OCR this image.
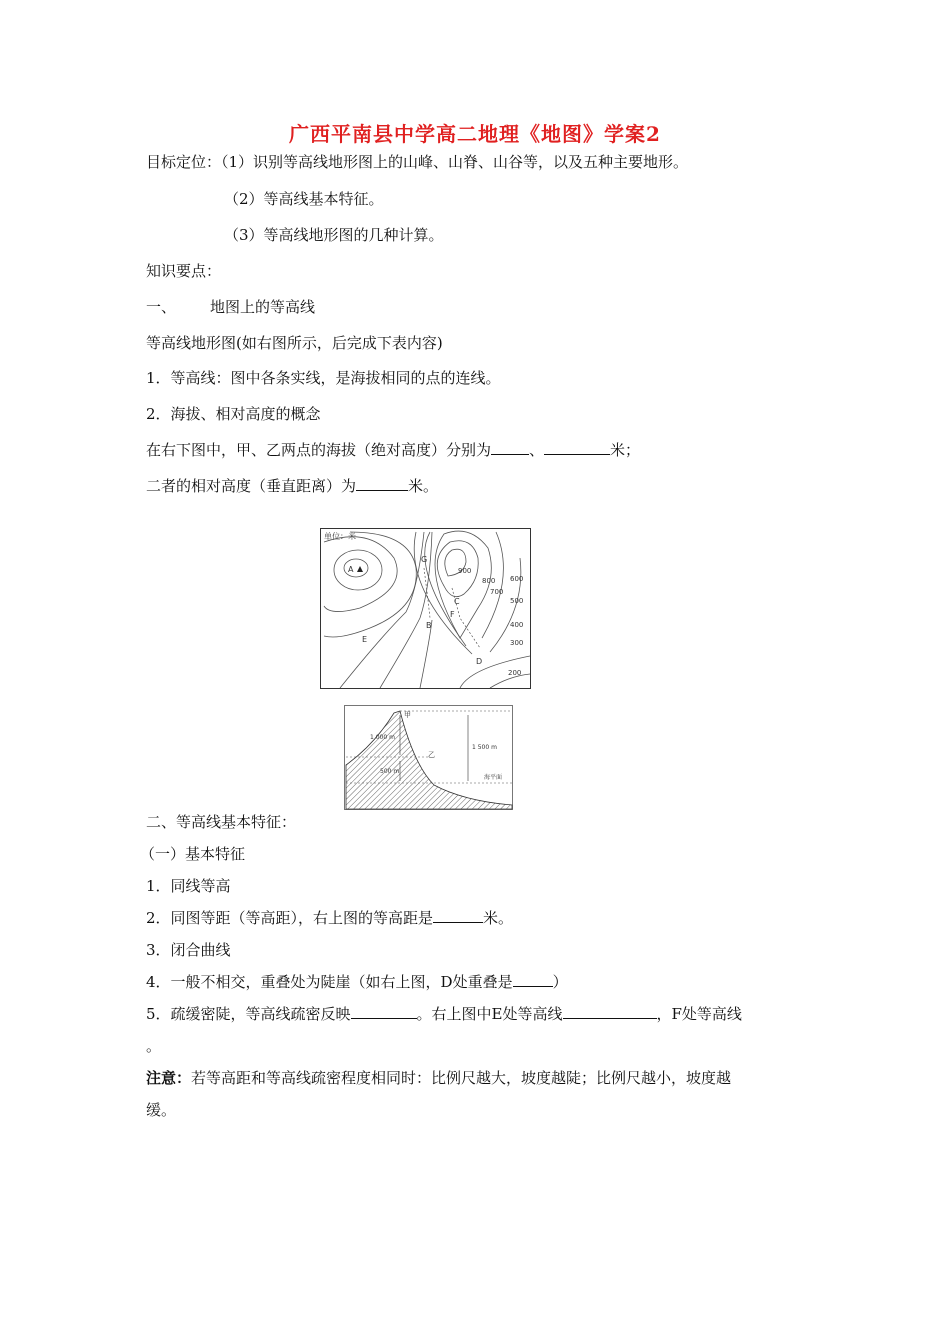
广西平南县中学高二地理《地图》学案2
目标定位：（1）识别等高线地形图上的山峰、山脊、山谷等，以及五种主要地形。
（2）等高线基本特征。
（3）等高线地形图的几种计算。
知识要点：
一、 地图上的等高线
等高线地形图(如右图所示，后完成下表内容)
1．等高线：图中各条实线，是海拔相同的点的连线。
2．海拔、相对高度的概念
在右下图中，甲、乙两点的海拔（绝对高度）分别为	、	米；
二者的相对高度（垂直距离）为	米。
单位：米
A
G
C
F
B
E
D
900
800
700
600
500
400
300
200
甲
乙
1 000 m
500 m
1 500 m
海平面
二、等高线基本特征：
（一）基本特征
1．同线等高
2．同图等距（等高距），右上图的等高距是	米。
3．闭合曲线
4．一般不相交，重叠处为陡崖（如右上图，D处重叠是	）
5．疏缓密陡，等高线疏密反映	。右上图中E处等高线	，F处等高线
。
注意：若等高距和等高线疏密程度相同时：比例尺越大，坡度越陡；比例尺越小，坡度越
缓。
